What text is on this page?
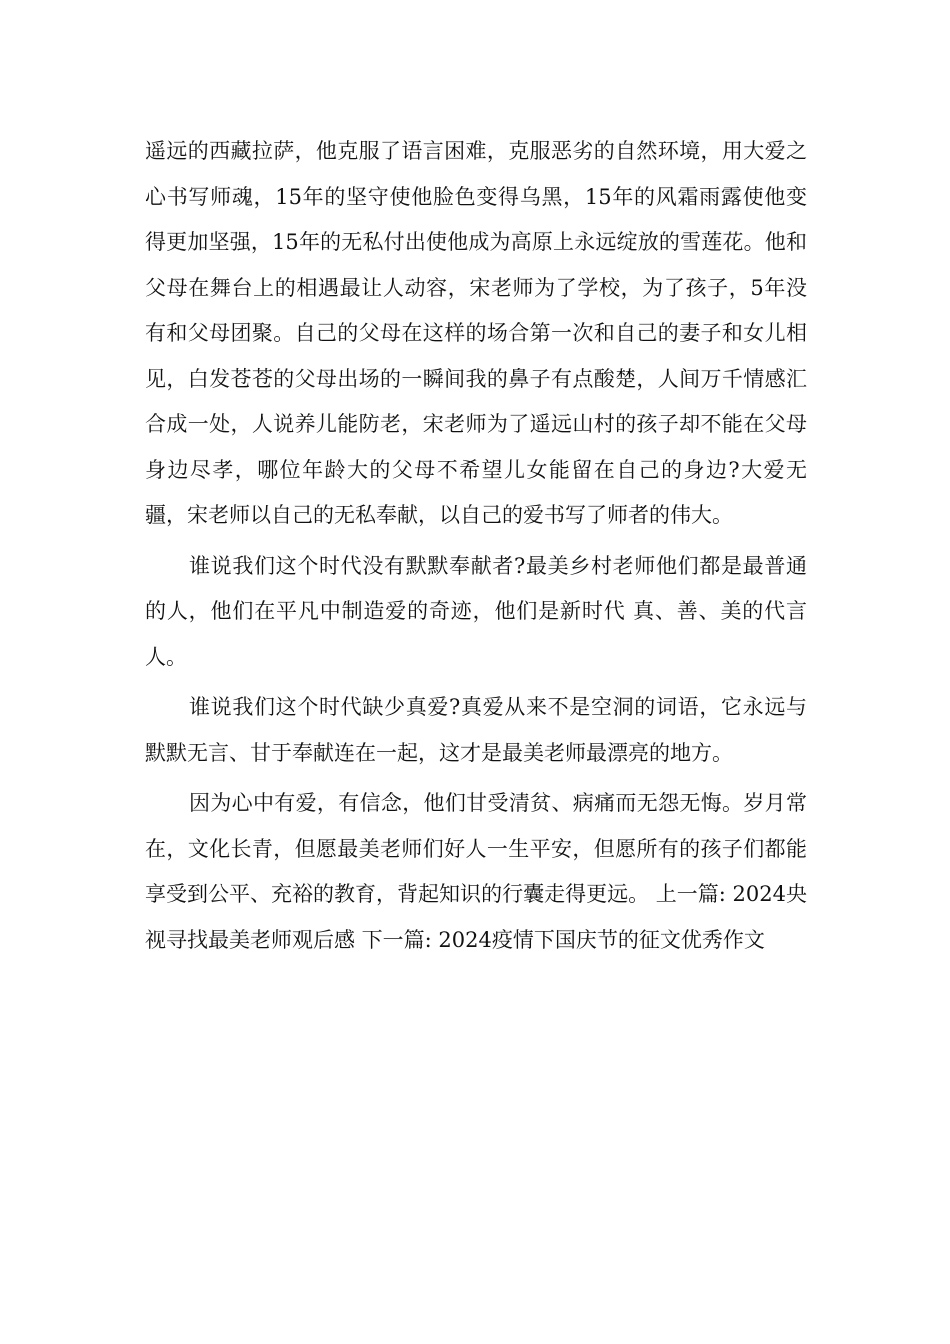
遥远的西藏拉萨，他克服了语言困难，克服恶劣的自然环境，用大爱之心书写师魂，15年的坚守使他脸色变得乌黑，15年的风霜雨露使他变得更加坚强，15年的无私付出使他成为高原上永远绽放的雪莲花。他和父母在舞台上的相遇最让人动容，宋老师为了学校，为了孩子，5年没有和父母团聚。自己的父母在这样的场合第一次和自己的妻子和女儿相见，白发苍苍的父母出场的一瞬间我的鼻子有点酸楚，人间万千情感汇合成一处，人说养儿能防老，宋老师为了遥远山村的孩子却不能在父母身边尽孝，哪位年龄大的父母不希望儿女能留在自己的身边?大爱无疆，宋老师以自己的无私奉献，以自己的爱书写了师者的伟大。

谁说我们这个时代没有默默奉献者?最美乡村老师他们都是最普通的人，他们在平凡中制造爱的奇迹，他们是新时代 真、善、美的代言人。

谁说我们这个时代缺少真爱?真爱从来不是空洞的词语，它永远与默默无言、甘于奉献连在一起，这才是最美老师最漂亮的地方。

因为心中有爱，有信念，他们甘受清贫、病痛而无怨无悔。岁月常在，文化长青，但愿最美老师们好人一生平安，但愿所有的孩子们都能享受到公平、充裕的教育，背起知识的行囊走得更远。 上一篇: 2024央视寻找最美老师观后感 下一篇: 2024疫情下国庆节的征文优秀作文
